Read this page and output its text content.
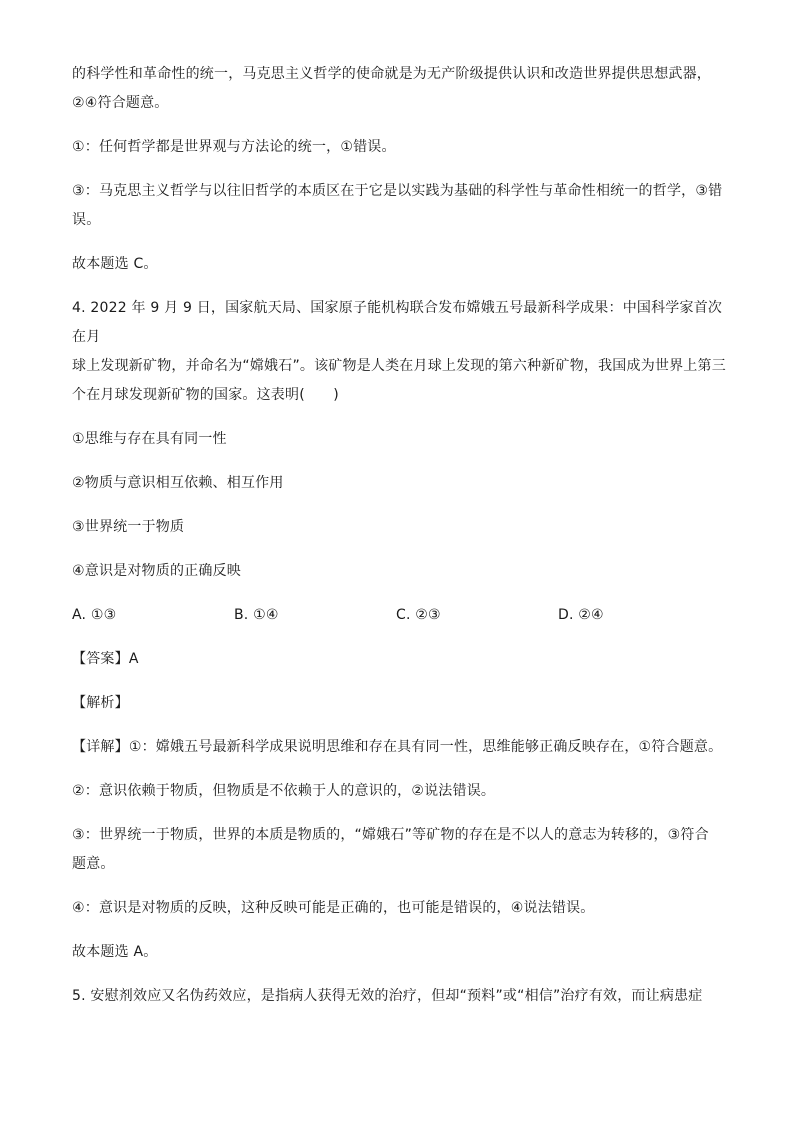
的科学性和革命性的统一，马克思主义哲学的使命就是为无产阶级提供认识和改造世界提供思想武器，

②④符合题意。

①：任何哲学都是世界观与方法论的统一，①错误。

③：马克思主义哲学与以往旧哲学的本质区在于它是以实践为基础的科学性与革命性相统一的哲学，③错

误。

故本题选 C。

4. 2022 年 9 月 9 日，国家航天局、国家原子能机构联合发布嫦娥五号最新科学成果：中国科学家首次在月

球上发现新矿物，并命名为“嫦娥石”。该矿物是人类在月球上发现的第六种新矿物，我国成为世界上第三

个在月球发现新矿物的国家。这表明(　　)

①思维与存在具有同一性

②物质与意识相互依赖、相互作用

③世界统一于物质

④意识是对物质的正确反映

A. ①③	B. ①④	C. ②③	D. ②④

【答案】A

【解析】

【详解】①：嫦娥五号最新科学成果说明思维和存在具有同一性，思维能够正确反映存在，①符合题意。

②：意识依赖于物质，但物质是不依赖于人的意识的，②说法错误。

③：世界统一于物质，世界的本质是物质的，“嫦娥石”等矿物的存在是不以人的意志为转移的，③符合

题意。

④：意识是对物质的反映，这种反映可能是正确的，也可能是错误的，④说法错误。

故本题选 A。

5. 安慰剂效应又名伪药效应，是指病人获得无效的治疗，但却“预料”或“相信”治疗有效，而让病患症
